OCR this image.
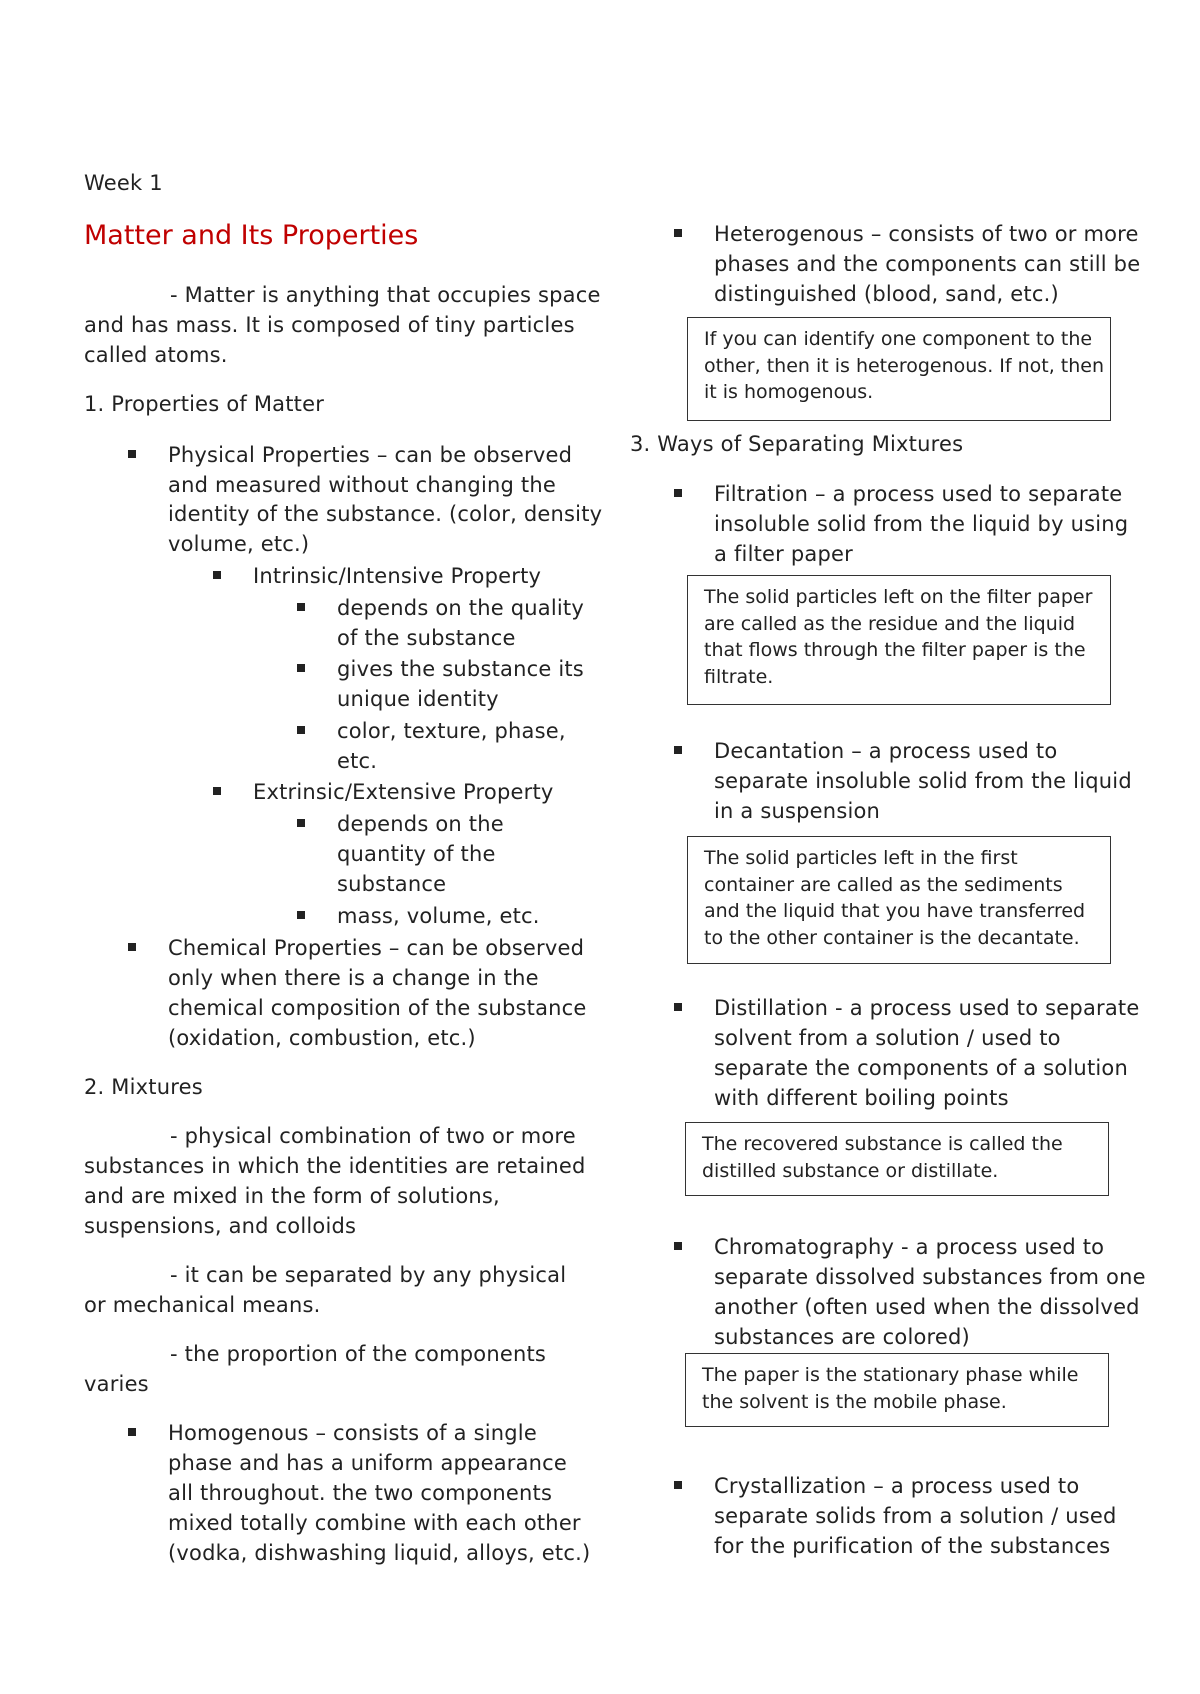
Week 1

Matter and Its Properties

- Matter is anything that occupies space

and has mass. It is composed of tiny particles

called atoms.

1. Properties of Matter

Physical Properties – can be observed

and measured without changing the

identity of the substance. (color, density

volume, etc.)

Intrinsic/Intensive Property

depends on the quality

of the substance

gives the substance its

unique identity

color, texture, phase,

etc.

Extrinsic/Extensive Property

depends on the

quantity of the

substance

mass, volume, etc.

Chemical Properties – can be observed

only when there is a change in the

chemical composition of the substance

(oxidation, combustion, etc.)

2. Mixtures

- physical combination of two or more

substances in which the identities are retained

and are mixed in the form of solutions,

suspensions, and colloids

- it can be separated by any physical

or mechanical means.

- the proportion of the components

varies

Homogenous – consists of a single

phase and has a uniform appearance

all throughout. the two components

mixed totally combine with each other

(vodka, dishwashing liquid, alloys, etc.)

Heterogenous – consists of two or more

phases and the components can still be

distinguished (blood, sand, etc.)

If you can identify one component to the

other, then it is heterogenous. If not, then

it is homogenous.

3. Ways of Separating Mixtures

Filtration – a process used to separate

insoluble solid from the liquid by using

a filter paper

The solid particles left on the filter paper

are called as the residue and the liquid

that flows through the filter paper is the

filtrate.

Decantation – a process used to

separate insoluble solid from the liquid

in a suspension

The solid particles left in the first

container are called as the sediments

and the liquid that you have transferred

to the other container is the decantate.

Distillation - a process used to separate

solvent from a solution / used to

separate the components of a solution

with different boiling points

The recovered substance is called the

distilled substance or distillate.

Chromatography - a process used to

separate dissolved substances from one

another (often used when the dissolved

substances are colored)

The paper is the stationary phase while

the solvent is the mobile phase.

Crystallization – a process used to

separate solids from a solution / used

for the purification of the substances
